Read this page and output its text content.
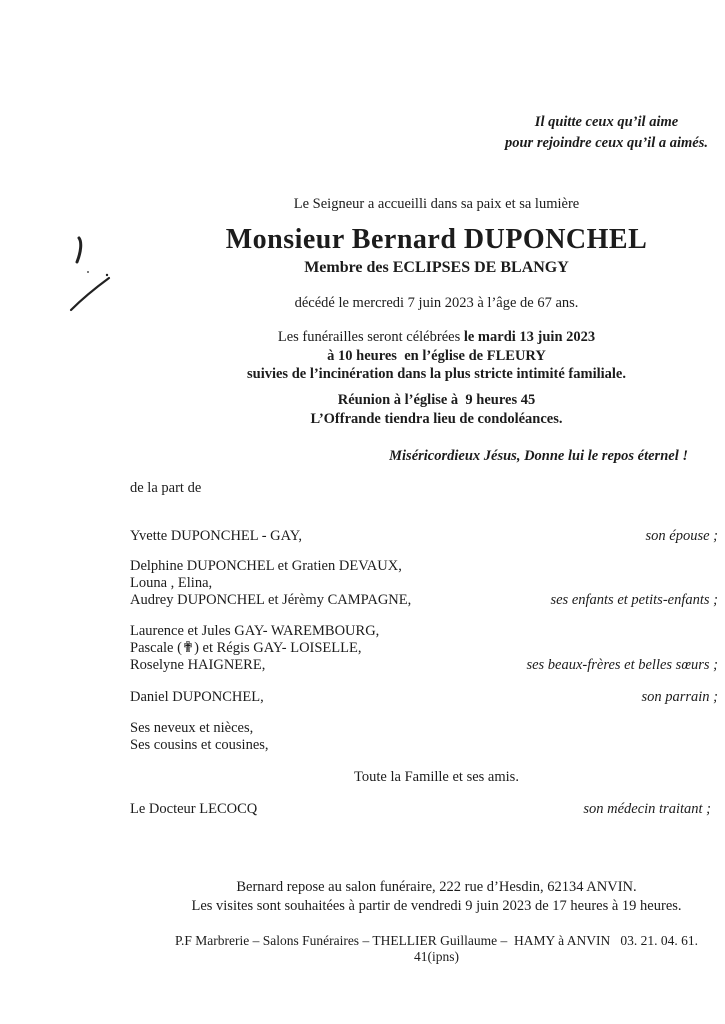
Il quitte ceux qu’il aime
pour rejoindre ceux qu’il a aimés.
Le Seigneur a accueilli dans sa paix et sa lumière
Monsieur Bernard DUPONCHEL
Membre des ECLIPSES DE BLANGY
décédé le mercredi 7 juin 2023 à l’âge de 67 ans.
Les funérailles seront célébrées le mardi 13 juin 2023
à 10 heures  en l’église de FLEURY
suivies de l’incinération dans la plus stricte intimité familiale.
Réunion à l’église à  9 heures 45
L’Offrande tiendra lieu de condoléances.
Miséricordieux Jésus, Donne lui le repos éternel !
de la part de
Yvette DUPONCHEL - GAY,	son épouse ;
Delphine DUPONCHEL et Gratien DEVAUX,
Louna , Elina,
Audrey DUPONCHEL et Jérèmy CAMPAGNE,	ses enfants et petits-enfants ;
Laurence et Jules GAY- WAREMBOURG,
Pascale (✟) et Régis GAY- LOISELLE,
Roselyne HAIGNERE,	ses beaux-frères et belles sœurs ;
Daniel DUPONCHEL,	son parrain ;
Ses neveux et nièces,
Ses cousins et cousines,
Toute la Famille et ses amis.
Le Docteur LECOCQ	son médecin traitant ;
Bernard repose au salon funéraire, 222 rue d’Hesdin, 62134 ANVIN.
Les visites sont souhaitées à partir de vendredi 9 juin 2023 de 17 heures à 19 heures.
P.F Marbrerie – Salons Funéraires – THELLIER Guillaume –  HAMY à ANVIN   03. 21. 04. 61. 41(ipns)
